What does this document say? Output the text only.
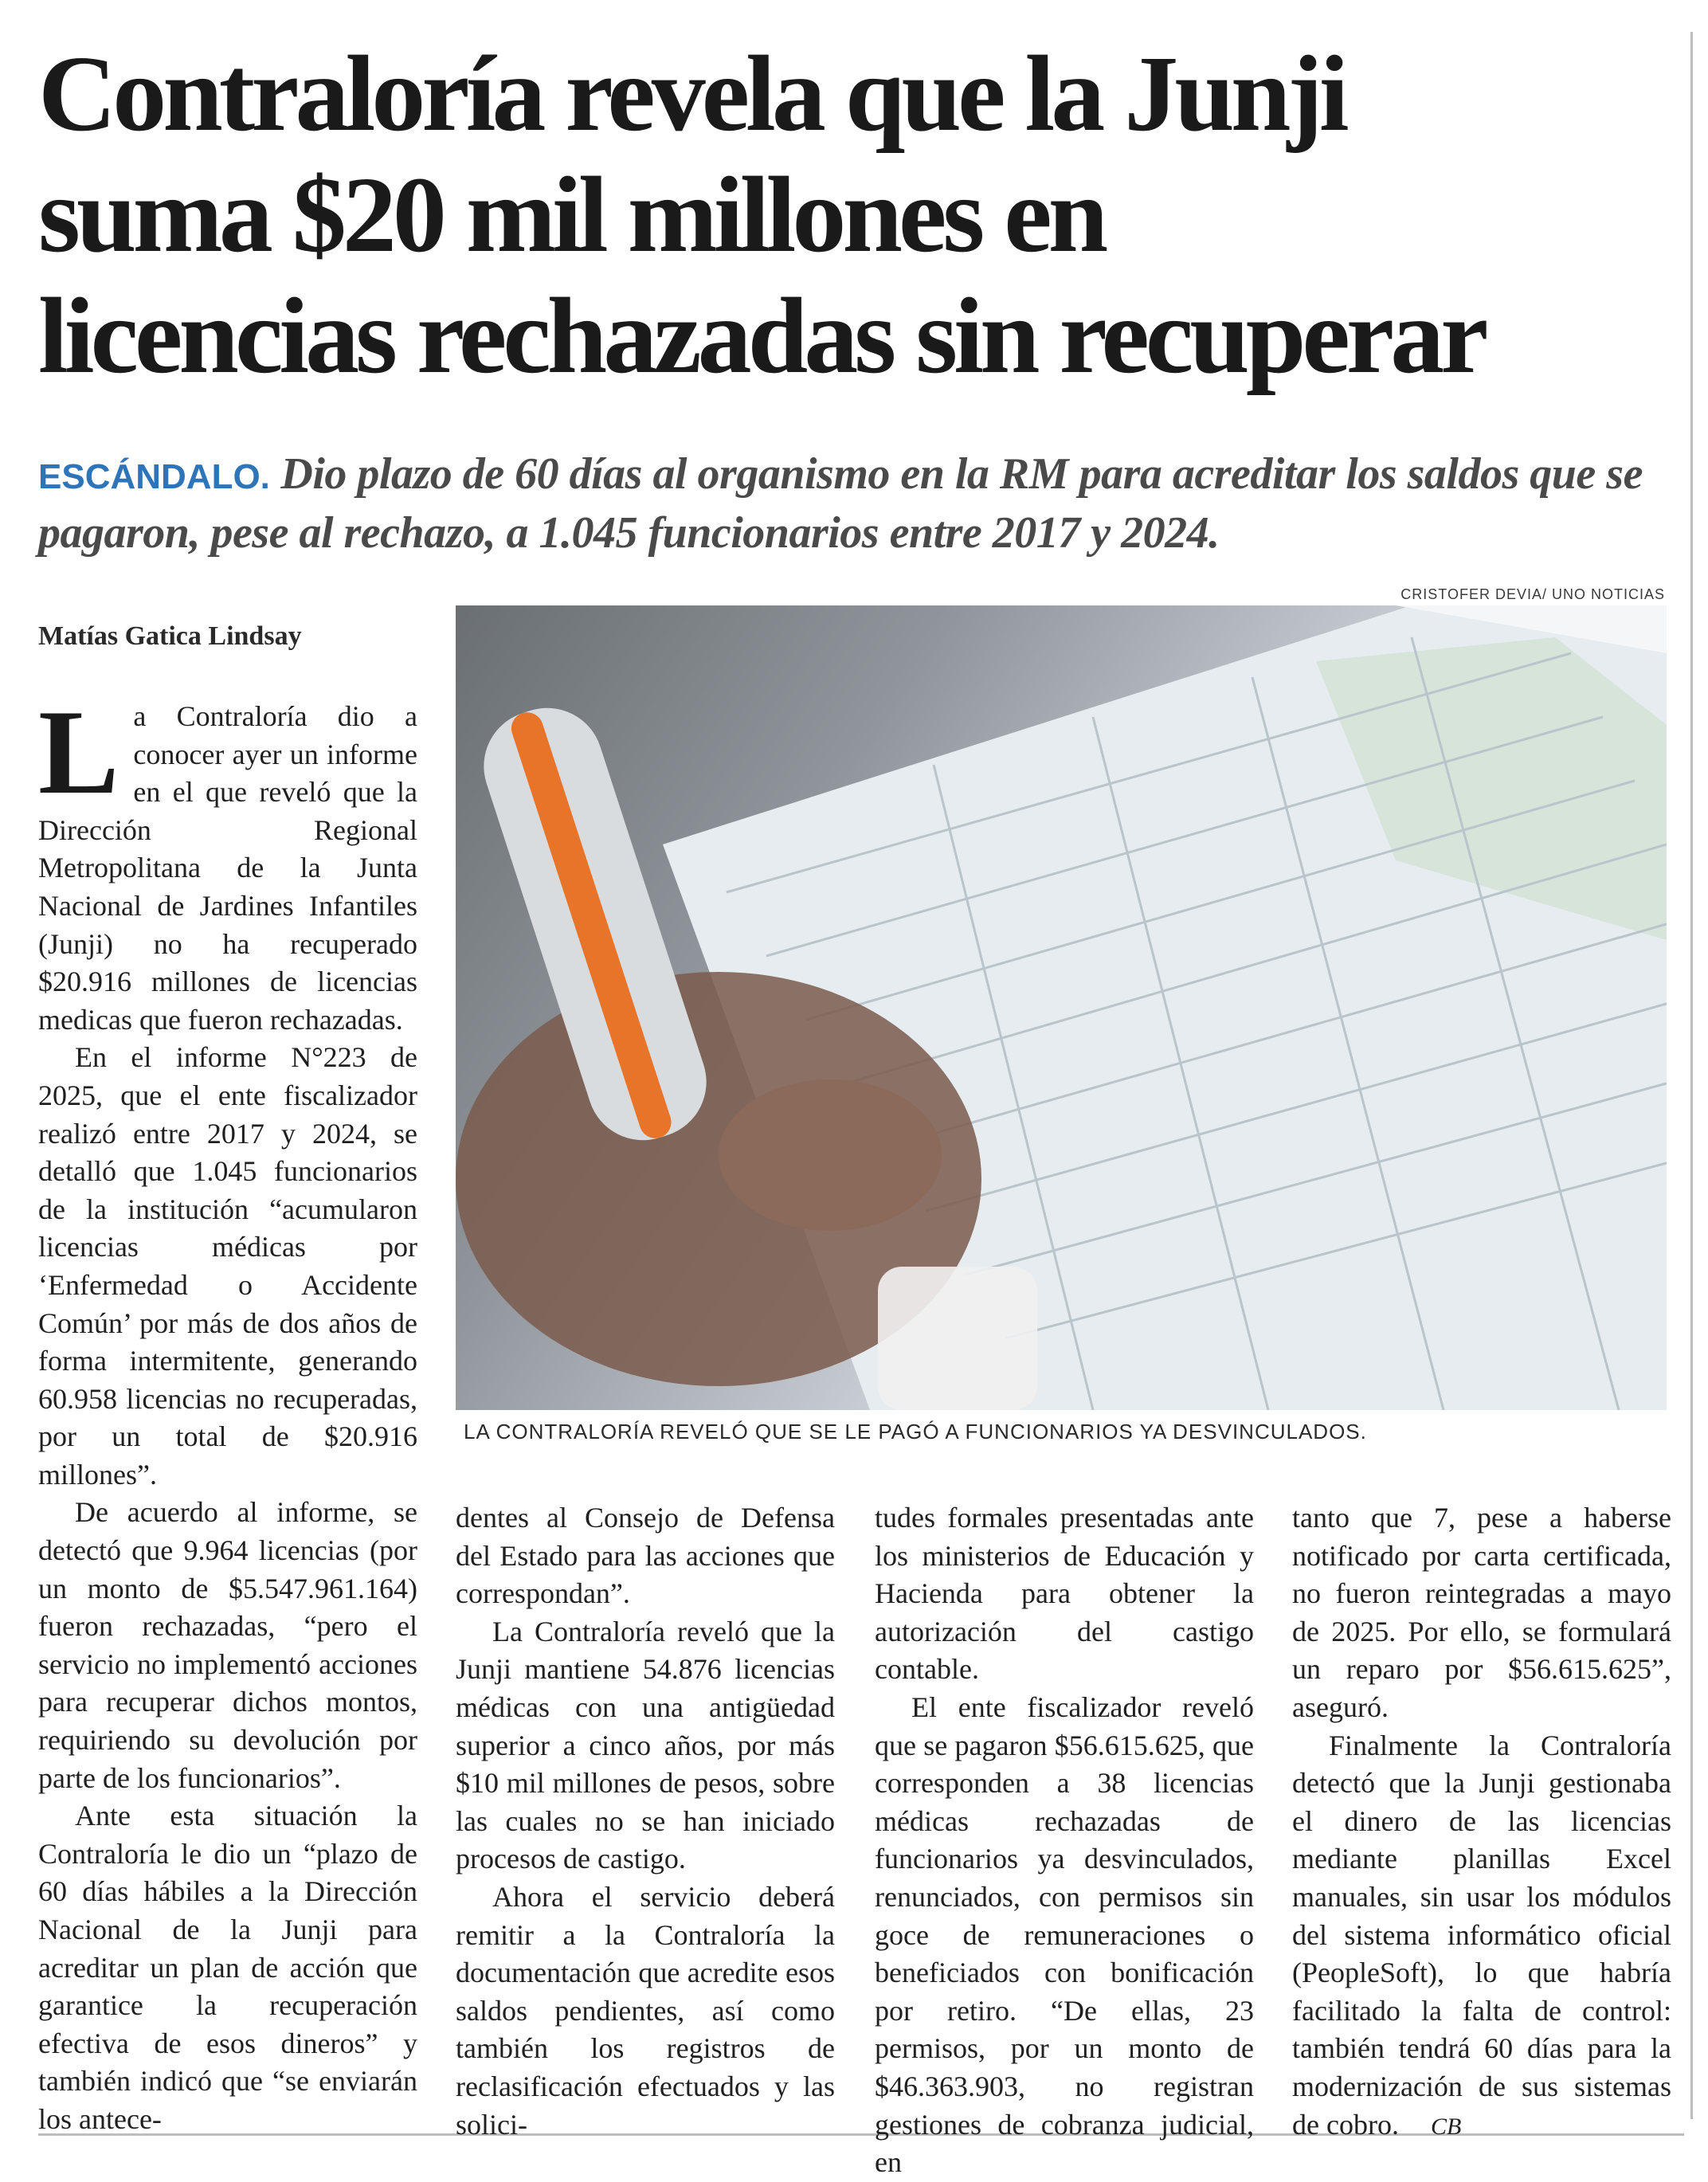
Contraloría revela que la Junji
suma $20 mil millones en
licencias rechazadas sin recuperar

ESCÁNDALO. Dio plazo de 60 días al organismo en la RM para acreditar los saldos que se pagaron, pese al rechazo, a 1.045 funcionarios entre 2017 y 2024.

CRISTOFER DEVIA/ UNO NOTICIAS
LA CONTRALORÍA REVELÓ QUE SE LE PAGÓ A FUNCIONARIOS YA DESVINCULADOS.
Matías Gatica Lindsay

La Contraloría dio a conocer ayer un informe en el que reveló que la Dirección Regional Metropolitana de la Junta Nacional de Jardines Infantiles (Junji) no ha recuperado $20.916 millones de licencias medicas que fueron rechazadas.

En el informe N°223 de 2025, que el ente fiscalizador realizó entre 2017 y 2024, se detalló que 1.045 funcionarios de la institución “acumularon licencias médicas por ‘Enfermedad o Accidente Común’ por más de dos años de forma intermitente, generando 60.958 licencias no recuperadas, por un total de $20.916 millones”.

De acuerdo al informe, se detectó que 9.964 licencias (por un monto de $5.547.961.164) fueron rechazadas, “pero el servicio no implementó acciones para recuperar dichos montos, requiriendo su devolución por parte de los funcionarios”.

Ante esta situación la Contraloría le dio un “plazo de 60 días hábiles a la Dirección Nacional de la Junji para acreditar un plan de acción que garantice la recuperación efectiva de esos dineros” y también indicó que “se enviarán los antece-

dentes al Consejo de Defensa del Estado para las acciones que correspondan”.

La Contraloría reveló que la Junji mantiene 54.876 licencias médicas con una antigüedad superior a cinco años, por más $10 mil millones de pesos, sobre las cuales no se han iniciado procesos de castigo.

Ahora el servicio deberá remitir a la Contraloría la documentación que acredite esos saldos pendientes, así como también los registros de reclasificación efectuados y las solici-

tudes formales presentadas ante los ministerios de Educación y Hacienda para obtener la autorización del castigo contable.

El ente fiscalizador reveló que se pagaron $56.615.625, que corresponden a 38 licencias médicas rechazadas de funcionarios ya desvinculados, renunciados, con permisos sin goce de remuneraciones o beneficiados con bonificación por retiro. “De ellas, 23 permisos, por un monto de $46.363.903, no registran gestiones de cobranza judicial, en

tanto que 7, pese a haberse notificado por carta certificada, no fueron reintegradas a mayo de 2025. Por ello, se formulará un reparo por $56.615.625”, aseguró.

Finalmente la Contraloría detectó que la Junji gestionaba el dinero de las licencias mediante planillas Excel manuales, sin usar los módulos del sistema informático oficial (PeopleSoft), lo que habría facilitado la falta de control: también tendrá 60 días para la modernización de sus sistemas de cobro. CB
